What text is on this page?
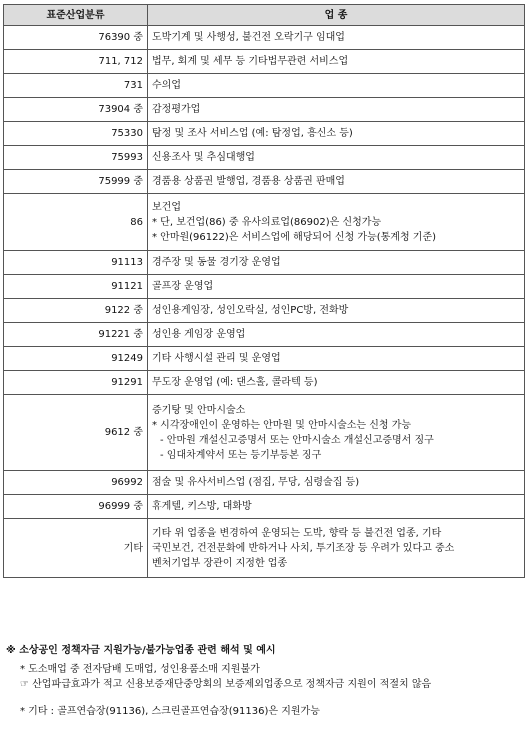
표준산업분류	업 종
76390 중	도박기계 및 사행성, 불건전 오락기구 임대업

711, 712	법무, 회계 및 세무 등 기타법무관련 서비스업

731	수의업

73904 중	감정평가업

75330	탐정 및 조사 서비스업 (예: 탐정업, 흥신소 등)

75993	신용조사 및 추심대행업

75999 중	경품용 상품권 발행업, 경품용 상품권 판매업

86	보건업
* 단, 보건업(86) 중 유사의료업(86902)은 신청가능
* 안마원(96122)은 서비스업에 해당되어 신청 가능(통계청 기준)

91113	경주장 및 동물 경기장 운영업

91121	골프장 운영업

9122 중	성인용게임장, 성인오락실, 성인PC방, 전화방

91221 중	성인용 게임장 운영업

91249	기타 사행시설 관리 및 운영업

91291	무도장 운영업 (예: 댄스홀, 콜라텍 등)

9612 중	증기탕 및 안마시술소
* 시각장애인이 운영하는 안마원 및 안마시술소는 신청 가능
- 안마원 개설신고증명서 또는 안마시술소 개설신고증명서 징구
- 임대차계약서 또는 등기부등본 징구

96992	점술 및 유사서비스업 (점집, 무당, 심령술집 등)

96999 중	휴게텔, 키스방, 대화방

기타	기타 위 업종을 변경하여 운영되는 도박, 향락 등 불건전 업종, 기타
국민보건, 건전문화에 반하거나 사치, 투기조장 등 우려가 있다고 중소
벤처기업부 장관이 지정한 업종
※ 소상공인 정책자금 지원가능/불가능업종 관련 해석 및 예시
* 도소매업 중 전자담배 도매업, 성인용품소매 지원불가
☞ 산업파급효과가 적고 신용보증재단중앙회의 보증제외업종으로 정책자금 지원이 적절치 않음
* 기타 : 골프연습장(91136), 스크린골프연습장(91136)은 지원가능
